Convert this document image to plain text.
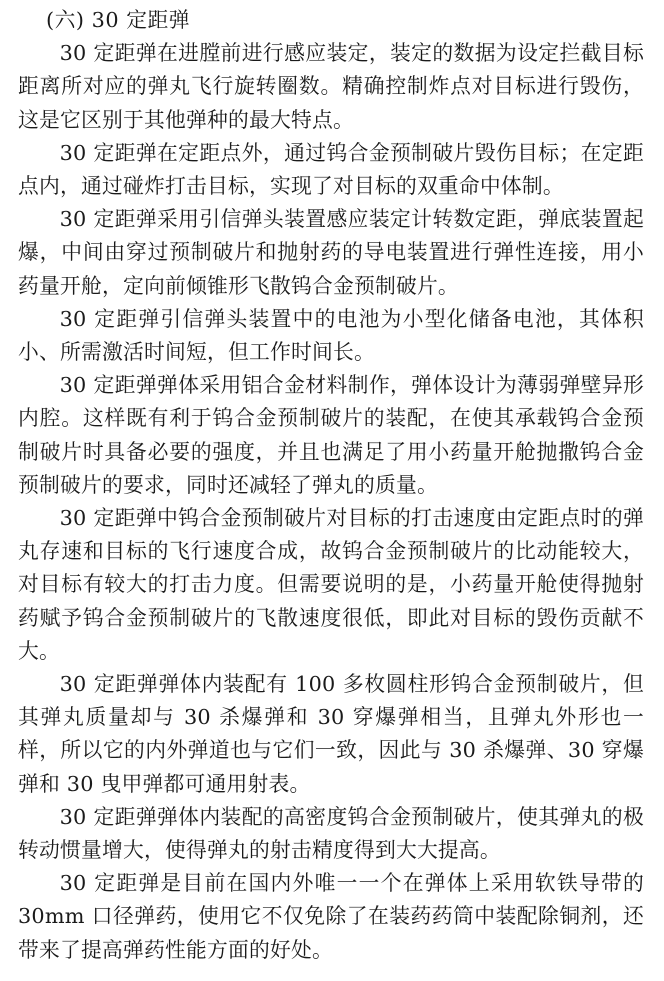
(六) 30 定距弹

30 定距弹在进膛前进行感应装定，装定的数据为设定拦截目标距离所对应的弹丸飞行旋转圈数。精确控制炸点对目标进行毁伤，这是它区别于其他弹种的最大特点。

30 定距弹在定距点外，通过钨合金预制破片毁伤目标；在定距点内，通过碰炸打击目标，实现了对目标的双重命中体制。

30 定距弹采用引信弹头装置感应装定计转数定距，弹底装置起爆，中间由穿过预制破片和抛射药的导电装置进行弹性连接，用小药量开舱，定向前倾锥形飞散钨合金预制破片。

30 定距弹引信弹头装置中的电池为小型化储备电池，其体积小、所需激活时间短，但工作时间长。

30 定距弹弹体采用铝合金材料制作，弹体设计为薄弱弹壁异形内腔。这样既有利于钨合金预制破片的装配，在使其承载钨合金预制破片时具备必要的强度，并且也满足了用小药量开舱抛撒钨合金预制破片的要求，同时还减轻了弹丸的质量。

30 定距弹中钨合金预制破片对目标的打击速度由定距点时的弹丸存速和目标的飞行速度合成，故钨合金预制破片的比动能较大，对目标有较大的打击力度。但需要说明的是，小药量开舱使得抛射药赋予钨合金预制破片的飞散速度很低，即此对目标的毁伤贡献不大。

30 定距弹弹体内装配有 100 多枚圆柱形钨合金预制破片，但其弹丸质量却与 30 杀爆弹和 30 穿爆弹相当，且弹丸外形也一样，所以它的内外弹道也与它们一致，因此与 30 杀爆弹、30 穿爆弹和 30 曳甲弹都可通用射表。

30 定距弹弹体内装配的高密度钨合金预制破片，使其弹丸的极转动惯量增大，使得弹丸的射击精度得到大大提高。

30 定距弹是目前在国内外唯一一个在弹体上采用软铁导带的 30mm 口径弹药，使用它不仅免除了在装药药筒中装配除铜剂，还带来了提高弹药性能方面的好处。
